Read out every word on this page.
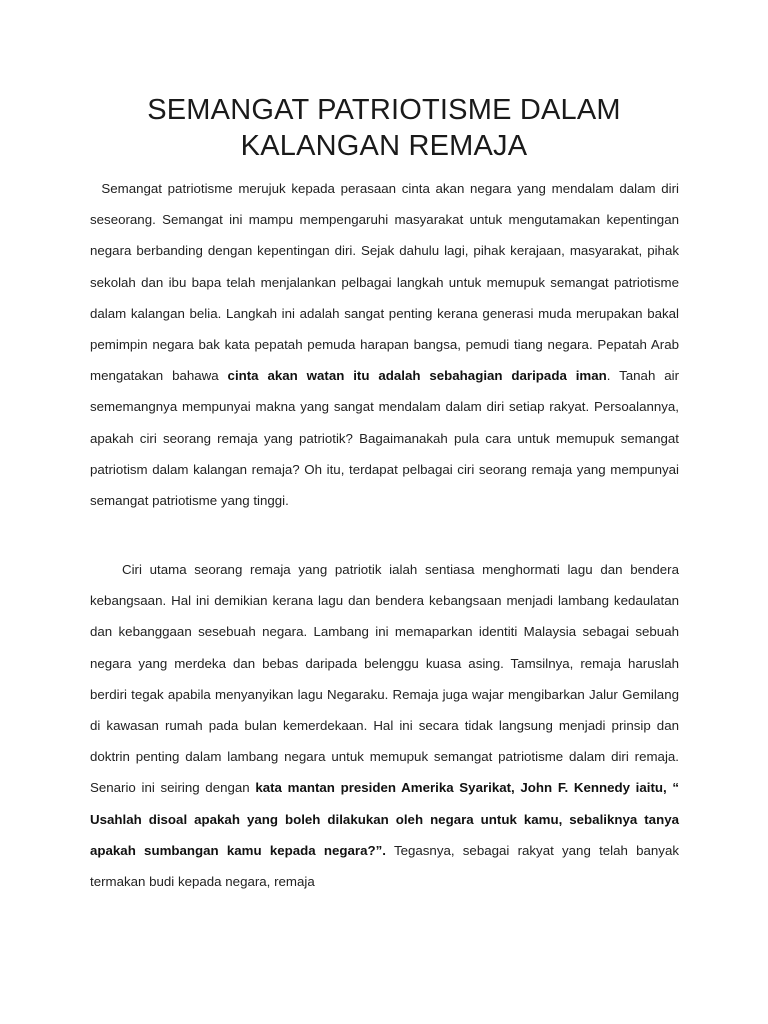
SEMANGAT PATRIOTISME DALAM
KALANGAN REMAJA

Semangat patriotisme merujuk kepada perasaan cinta akan negara yang mendalam dalam diri seseorang. Semangat ini mampu mempengaruhi masyarakat untuk mengutamakan kepentingan negara berbanding dengan kepentingan diri. Sejak dahulu lagi, pihak kerajaan, masyarakat, pihak sekolah dan ibu bapa telah menjalankan pelbagai langkah untuk memupuk semangat patriotisme dalam kalangan belia. Langkah ini adalah sangat penting kerana generasi muda merupakan bakal pemimpin negara bak kata pepatah pemuda harapan bangsa, pemudi tiang negara. Pepatah Arab mengatakan bahawa cinta akan watan itu adalah sebahagian daripada iman. Tanah air sememangnya mempunyai makna yang sangat mendalam dalam diri setiap rakyat. Persoalannya, apakah ciri seorang remaja yang patriotik? Bagaimanakah pula cara untuk memupuk semangat patriotism dalam kalangan remaja? Oh itu, terdapat pelbagai ciri seorang remaja yang mempunyai semangat patriotisme yang tinggi.

Ciri utama seorang remaja yang patriotik ialah sentiasa menghormati lagu dan bendera kebangsaan. Hal ini demikian kerana lagu dan bendera kebangsaan menjadi lambang kedaulatan dan kebanggaan sesebuah negara. Lambang ini memaparkan identiti Malaysia sebagai sebuah negara yang merdeka dan bebas daripada belenggu kuasa asing. Tamsilnya, remaja haruslah berdiri tegak apabila menyanyikan lagu Negaraku. Remaja juga wajar mengibarkan Jalur Gemilang di kawasan rumah pada bulan kemerdekaan. Hal ini secara tidak langsung menjadi prinsip dan doktrin penting dalam lambang negara untuk memupuk semangat patriotisme dalam diri remaja. Senario ini seiring dengan kata mantan presiden Amerika Syarikat, John F. Kennedy iaitu, “ Usahlah disoal apakah yang boleh dilakukan oleh negara untuk kamu, sebaliknya tanya apakah sumbangan kamu kepada negara?”. Tegasnya, sebagai rakyat yang telah banyak termakan budi kepada negara, remaja
